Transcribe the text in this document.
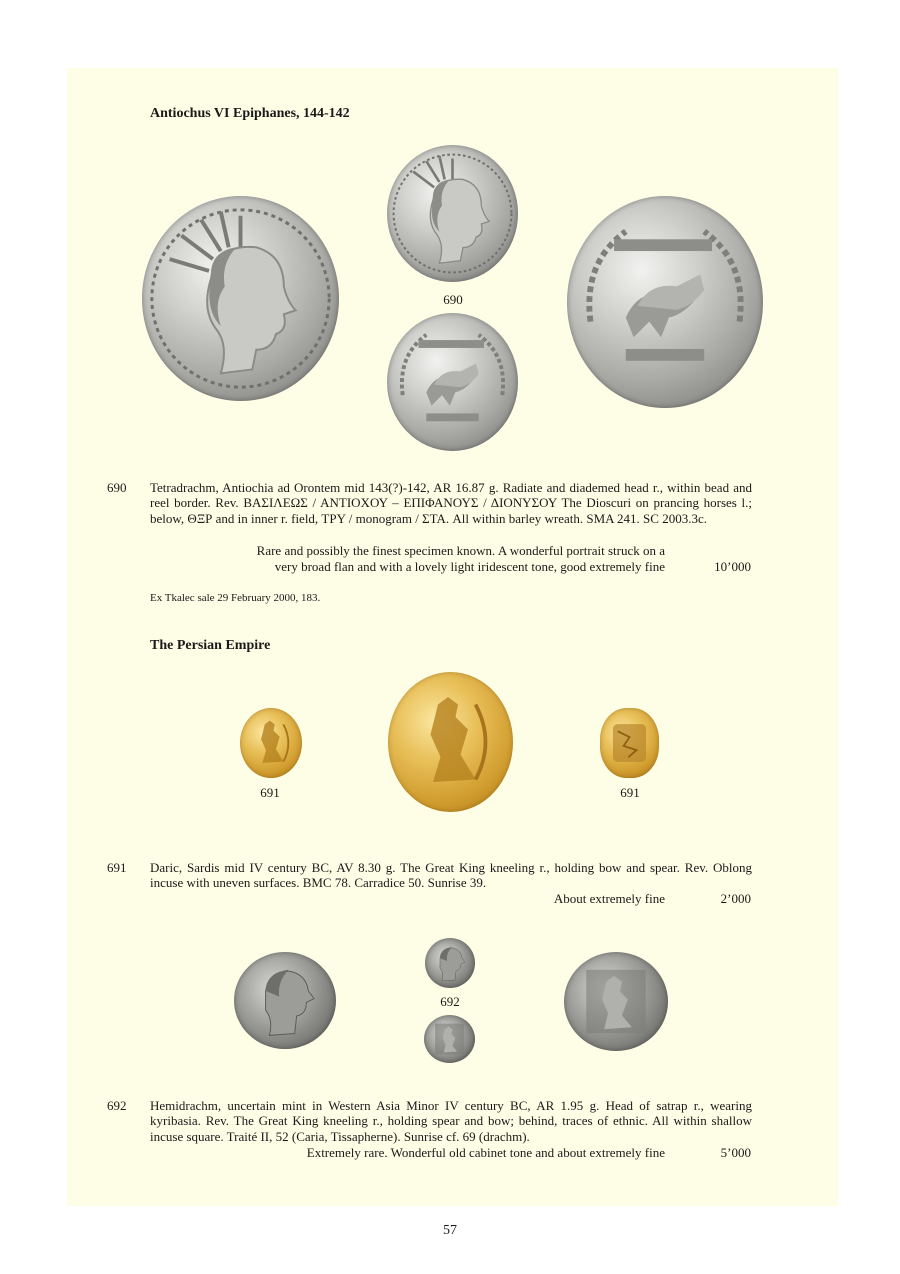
Antiochus VI Epiphanes, 144-142
690
690 Tetradrachm, Antiochia ad Orontem mid 143(?)-142, AR 16.87 g. Radiate and diademed head r., within bead and reel border. Rev. ΒΑΣΙΛΕΩΣ / ΑΝΤΙΟΧΟΥ – ΕΠΙΦΑΝΟΥΣ / ΔΙΟΝΥΣΟΥ The Dioscuri on prancing horses l.; below, ΘΞΡ and in inner r. field, ΤΡΥ / monogram / ΣΤΑ. All within barley wreath. SMA 241. SC 2003.3c.
Rare and possibly the finest specimen known. A wonderful portrait struck on a
very broad flan and with a lovely light iridescent tone, good extremely fine	10’000
Ex Tkalec sale 29 February 2000, 183.
The Persian Empire
691	691
691 Daric, Sardis mid IV century BC, AV 8.30 g. The Great King kneeling r., holding bow and spear. Rev. Oblong incuse with uneven surfaces. BMC 78. Carradice 50. Sunrise 39.
About extremely fine	2’000
692
692 Hemidrachm, uncertain mint in Western Asia Minor IV century BC, AR 1.95 g. Head of satrap r., wearing kyribasia. Rev. The Great King kneeling r., holding spear and bow; behind, traces of ethnic. All within shallow incuse square. Traité II, 52 (Caria, Tissapherne). Sunrise cf. 69 (drachm).
Extremely rare. Wonderful old cabinet tone and about extremely fine	5’000
57
